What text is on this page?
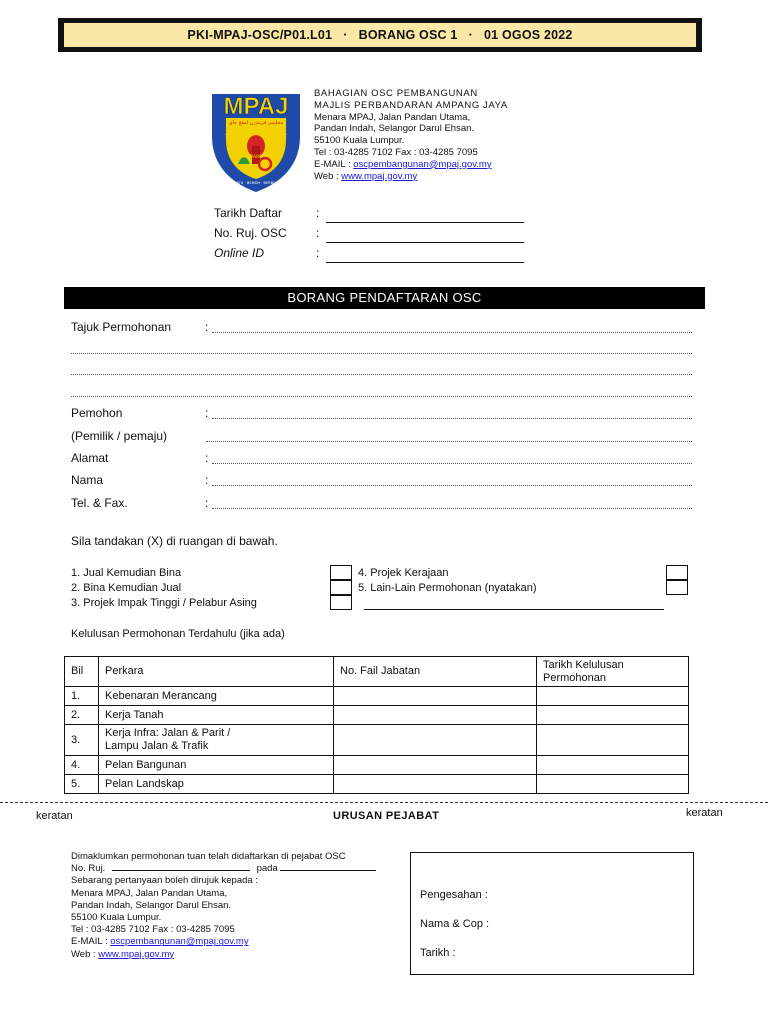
PKI-MPAJ-OSC/P01.L01 · BORANG OSC 1 · 01 OGOS 2022
MPAJ
مجليس ڤربندرن امڤڠ جاي
MAJLIS PERBANDARAN AMPANG JAYA
BERSATU · BERSIH · BERBUDAYA
BAHAGIAN OSC PEMBANGUNAN
MAJLIS PERBANDARAN AMPANG JAYA
Menara MPAJ, Jalan Pandan Utama,
Pandan Indah, Selangor Darul Ehsan.
55100 Kuala Lumpur.
Tel : 03-4285 7102 Fax : 03-4285 7095
E-MAIL : oscpembangunan@mpaj.gov.my
Web : www.mpaj.gov.my
Tarikh Daftar	:
No. Ruj. OSC :
Online ID	:
BORANG PENDAFTARAN OSC
Tajuk Permohonan	:
Pemohon	:
(Pemilik / pemaju)
Alamat	:
Nama	:
Tel. & Fax.	:
Sila tandakan (X) di ruangan di bawah.
1. Jual Kemudian Bina
2. Bina Kemudian Jual
3. Projek Impak Tinggi / Pelabur Asing
4. Projek Kerajaan
5. Lain-Lain Permohonan (nyatakan)
Kelulusan Permohonan Terdahulu (jika ada)
Bil	Perkara	No. Fail Jabatan	Tarikh Kelulusan
Permohonan

1.	Kebenaran Merancang		
2.	Kerja Tanah		
3.	Kerja Infra: Jalan & Parit /
Lampu Jalan & Trafik		

4.	Pelan Bangunan		
5.	Pelan Landskap		
keratan	keratan
URUSAN PEJABAT
Dimaklumkan permohonan tuan telah didaftarkan di pejabat OSC
No. Ruj.	pada
Sebarang pertanyaan boleh dirujuk kepada :
Menara MPAJ, Jalan Pandan Utama,
Pandan Indah, Selangor Darul Ehsan.
55100 Kuala Lumpur.
Tel : 03-4285 7102 Fax : 03-4285 7095
E-MAIL : oscpembangunan@mpaj.gov.my
Web : www.mpaj.gov.my
Pengesahan :
Nama & Cop :
Tarikh :
